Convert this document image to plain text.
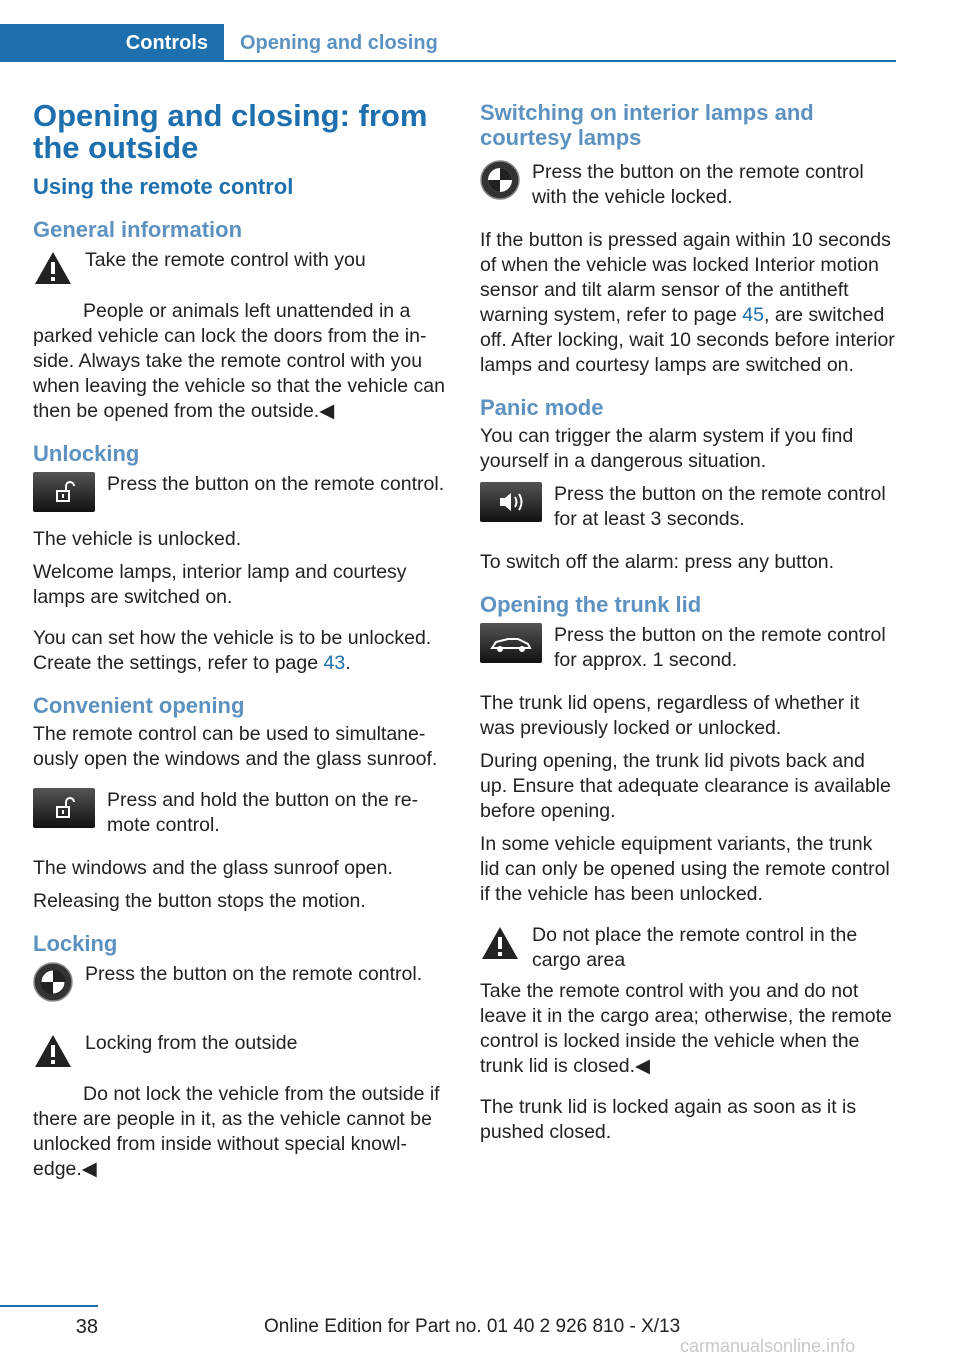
Controls	Opening and closing
Opening and closing: from the outside
Using the remote control
General information
Take the remote control with you

People or animals left unattended in a parked vehicle can lock the doors from the inside. Always take the remote control with you when leaving the vehicle so that the vehicle can then be opened from the outside.◀

Unlocking
Press the button on the remote control.

The vehicle is unlocked.

Welcome lamps, interior lamp and courtesy lamps are switched on.

You can set how the vehicle is to be unlocked. Create the settings, refer to page 43.

Convenient opening

The remote control can be used to simultaneously open the windows and the glass sunroof.

Press and hold the button on the remote control.

The windows and the glass sunroof open.

Releasing the button stops the motion.

Locking
Press the button on the remote control.
Locking from the outside

Do not lock the vehicle from the outside if there are people in it, as the vehicle cannot be unlocked from inside without special knowledge.◀

Switching on interior lamps and courtesy lamps
Press the button on the remote control with the vehicle locked.

If the button is pressed again within 10 seconds of when the vehicle was locked Interior motion sensor and tilt alarm sensor of the antitheft warning system, refer to page 45, are switched off. After locking, wait 10 seconds before interior lamps and courtesy lamps are switched on.

Panic mode

You can trigger the alarm system if you find yourself in a dangerous situation.

Press the button on the remote control for at least 3 seconds.

To switch off the alarm: press any button.

Opening the trunk lid
Press the button on the remote control for approx. 1 second.

The trunk lid opens, regardless of whether it was previously locked or unlocked.

During opening, the trunk lid pivots back and up. Ensure that adequate clearance is available before opening.

In some vehicle equipment variants, the trunk lid can only be opened using the remote control if the vehicle has been unlocked.

Do not place the remote control in the cargo area

Take the remote control with you and do not leave it in the cargo area; otherwise, the remote control is locked inside the vehicle when the trunk lid is closed.◀

The trunk lid is locked again as soon as it is pushed closed.

38	Online Edition for Part no. 01 40 2 926 810 - X/13
carmanualsonline.info
